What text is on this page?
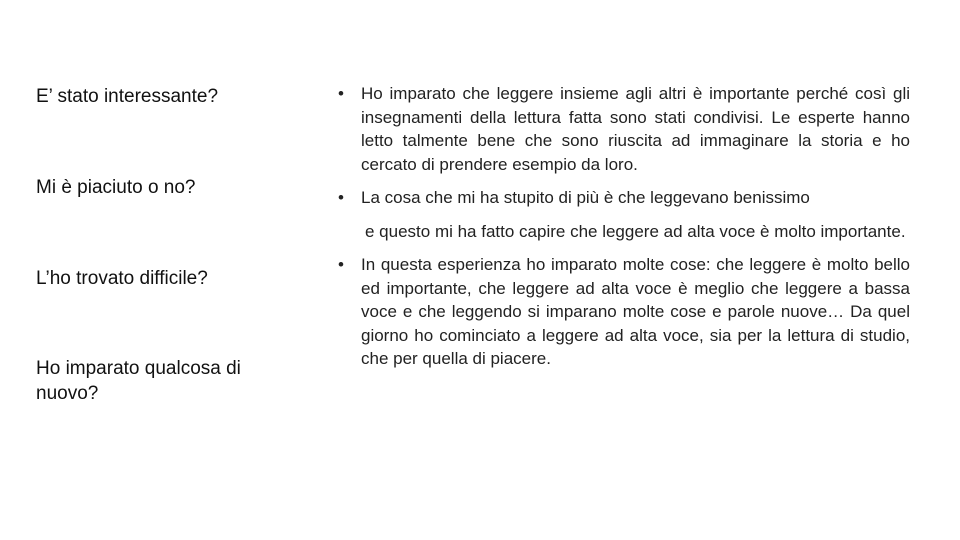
E’ stato interessante?
Mi è piaciuto o no?
L’ho trovato difficile?
Ho imparato qualcosa di nuovo?
• Ho imparato che leggere insieme agli altri è importante perché così gli insegnamenti della lettura fatta sono stati condivisi. Le esperte hanno letto talmente bene che sono riuscita ad immaginare la storia e ho cercato di prendere esempio da loro.
• La cosa che mi ha stupito di più è che leggevano benissimo
e questo mi ha fatto capire che leggere ad alta voce è molto importante.
• In questa esperienza ho imparato molte cose: che leggere è molto bello ed importante, che leggere ad alta voce è meglio che leggere a bassa voce e che leggendo si imparano molte cose e parole nuove… Da quel giorno ho cominciato a leggere ad alta voce, sia per la lettura di studio, che per quella di piacere.
